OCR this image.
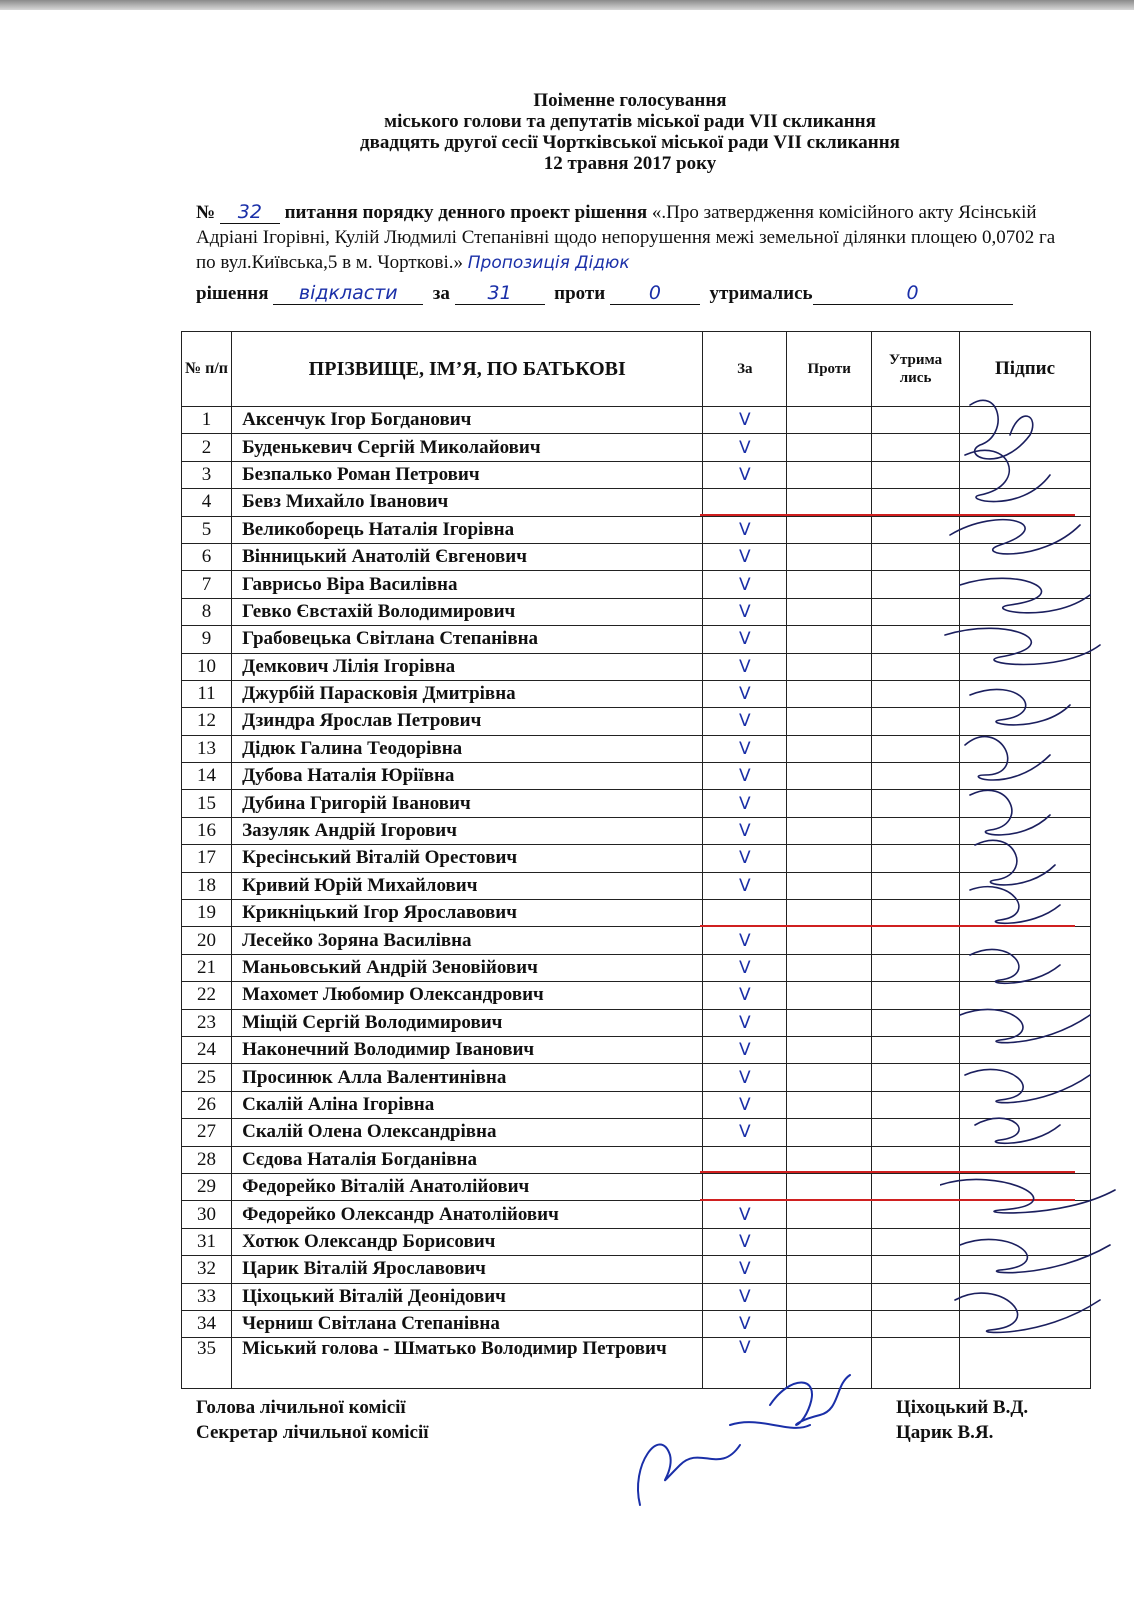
Поіменне голосування
міського голови та депутатів міської ради VII скликання
двадцять другої сесії Чортківської міської ради VII скликання
12 травня 2017 року
№ 32 питання порядку денного проект рішення «.Про затвердження комісійного акту Ясінській Адріані Ігорівні, Кулій Людмилі Степанівні щодо непорушення межі земельної ділянки площею 0,0702 га по вул.Київська,5 в м. Чорткові.» Пропозиція Дідюк
рішення відкласти за 31 проти 0	утримались	0
№ п/п	ПРІЗВИЩЕ, ІМ’Я, ПО БАТЬКОВІ	За	Проти	Утрима лись	Підпис
1	Аксенчук Ігор Богданович	V			
2	Буденькевич Сергій Миколайович	V			
3	Безпалько Роман Петрович	V			
4	Бевз Михайло Іванович				
5	Великоборець Наталія Ігорівна	V			
6	Вінницький Анатолій Євгенович	V			
7	Гаврисьо Віра Василівна	V			
8	Гевко Євстахій Володимирович	V			
9	Грабовецька Світлана Степанівна	V			
10	Демкович Лілія Ігорівна	V			
11	Джурбій Парасковія Дмитрівна	V			
12	Дзиндра Ярослав Петрович	V			
13	Дідюк Галина Теодорівна	V			
14	Дубова Наталія Юріївна	V			
15	Дубина Григорій Іванович	V			
16	Зазуляк Андрій Ігорович	V			
17	Кресінський Віталій Орестович	V			
18	Кривий Юрій Михайлович	V			
19	Крикніцький Ігор Ярославович				
20	Лесейко Зоряна Василівна	V			
21	Маньовський Андрій Зеновійович	V			
22	Махомет Любомир Олександрович	V			
23	Міщій Сергій Володимирович	V			
24	Наконечний Володимир Іванович	V			
25	Просинюк Алла Валентинівна	V			
26	Скалій Аліна Ігорівна	V			
27	Скалій Олена Олександрівна	V			
28	Сєдова Наталія Богданівна				
29	Федорейко Віталій Анатолійович				
30	Федорейко Олександр Анатолійович	V			
31	Хотюк Олександр Борисович	V			
32	Царик Віталій Ярославович	V			
33	Ціхоцький Віталій Деонідович	V			
34	Черниш Світлана Степанівна	V			
35	Міський голова - Шматько Володимир Петрович	V			
Голова лічильної комісії	Ціхоцький В.Д.
Секретар лічильної комісії	Царик В.Я.
